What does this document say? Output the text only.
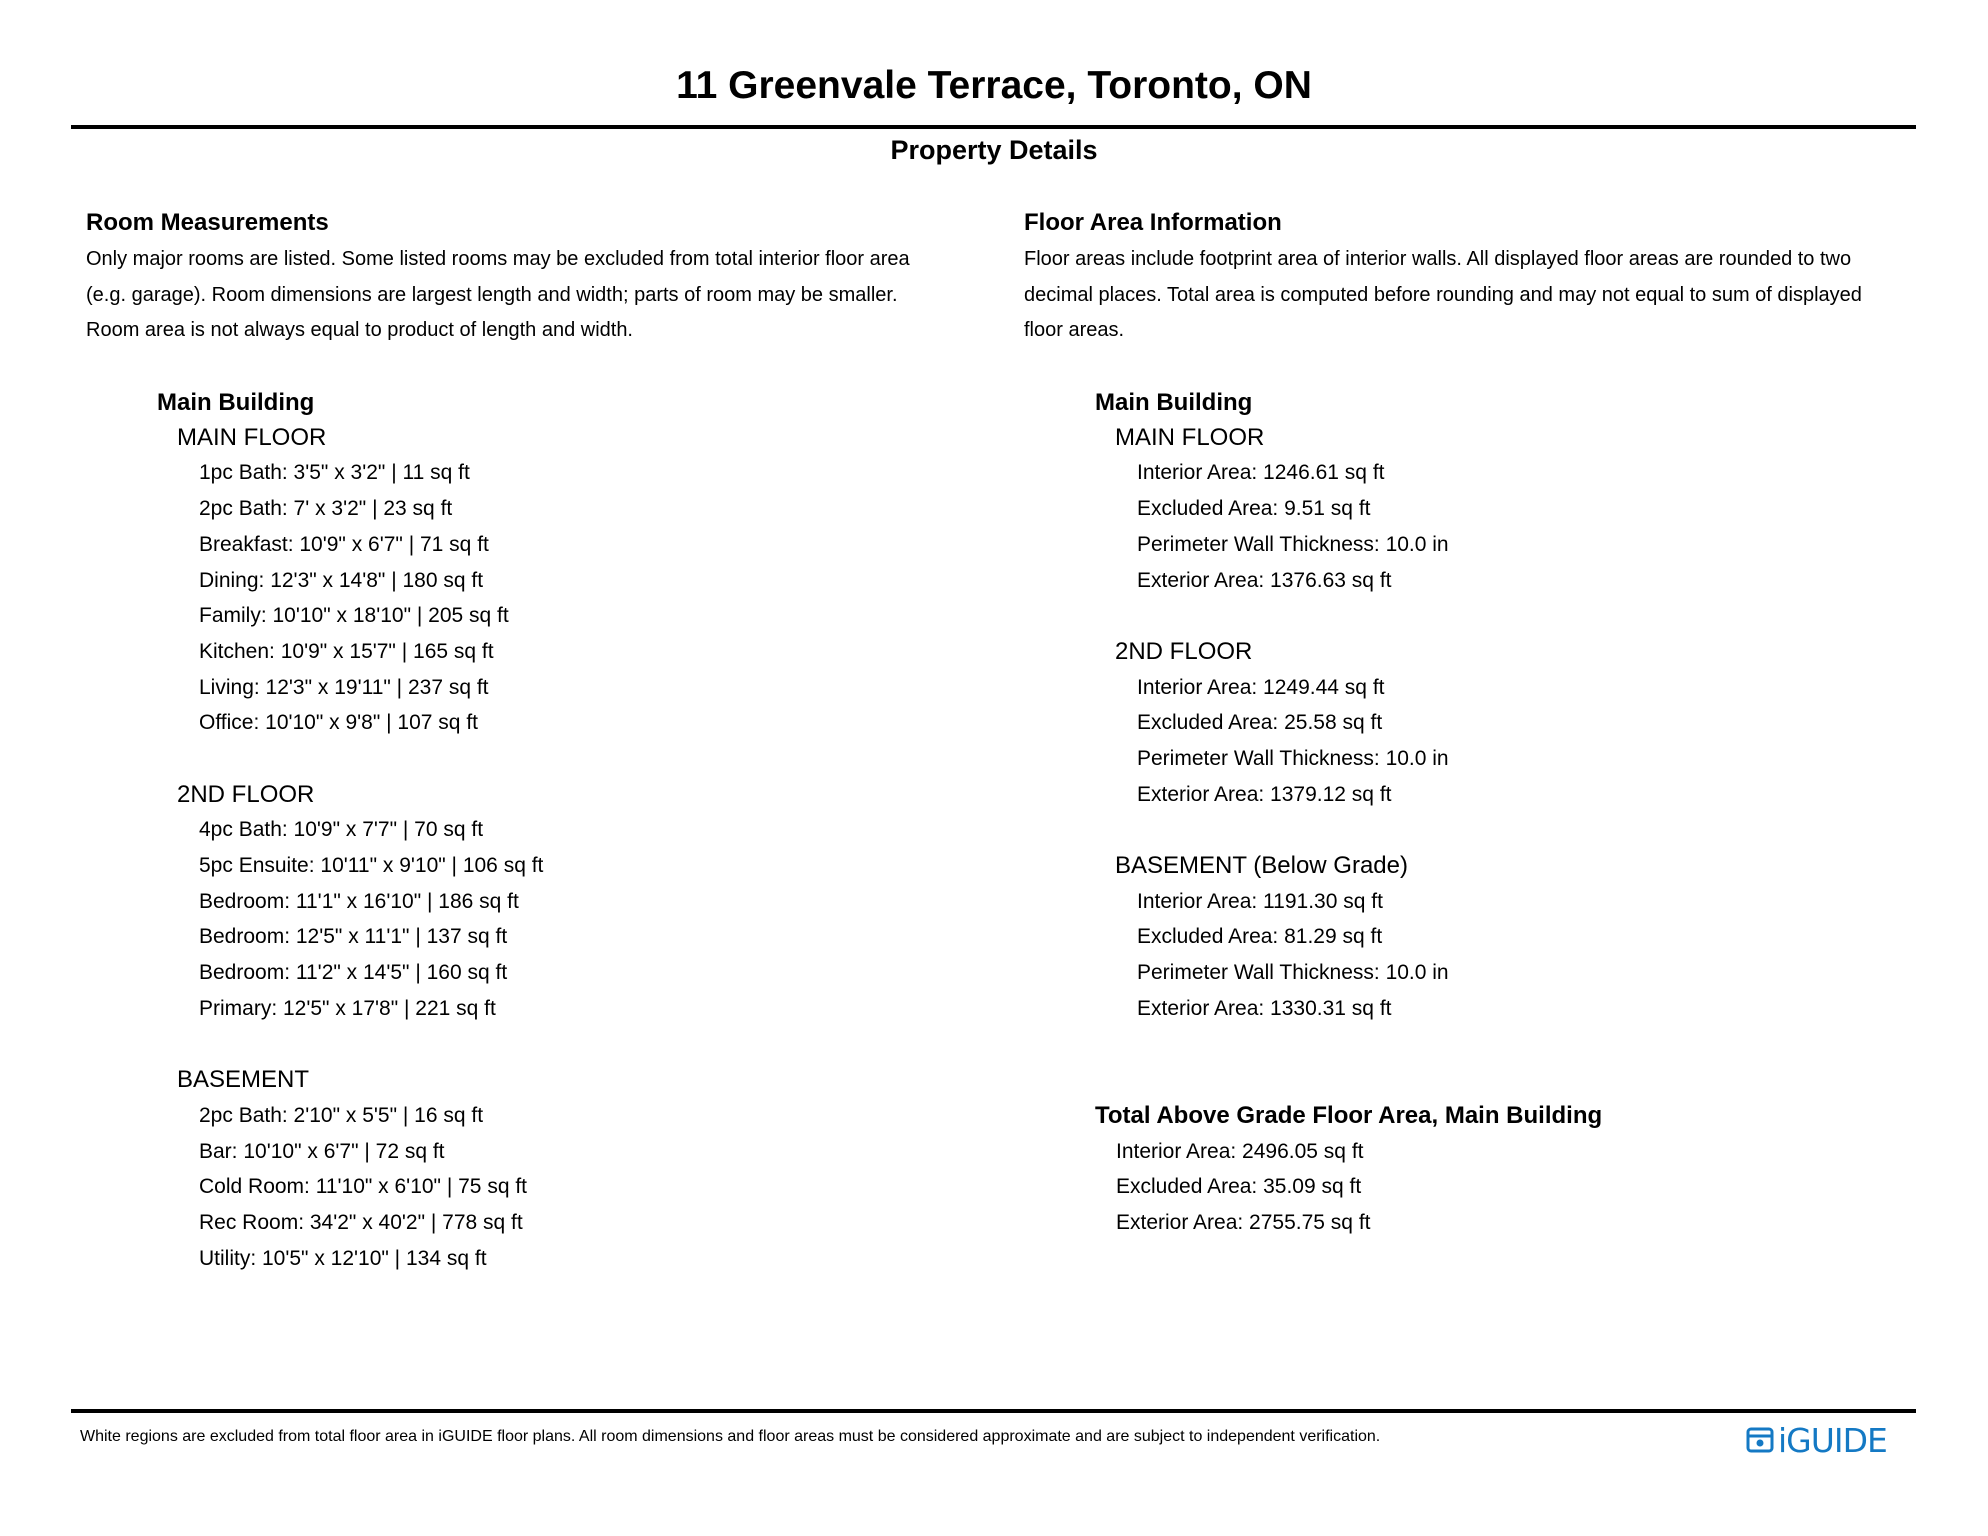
11 Greenvale Terrace, Toronto, ON
Property Details
Room Measurements
Only major rooms are listed. Some listed rooms may be excluded from total interior floor area
(e.g. garage). Room dimensions are largest length and width; parts of room may be smaller.
Room area is not always equal to product of length and width.
Main Building
MAIN FLOOR
1pc Bath: 3'5" x 3'2" | 11 sq ft
2pc Bath: 7' x 3'2" | 23 sq ft
Breakfast: 10'9" x 6'7" | 71 sq ft
Dining: 12'3" x 14'8" | 180 sq ft
Family: 10'10" x 18'10" | 205 sq ft
Kitchen: 10'9" x 15'7" | 165 sq ft
Living: 12'3" x 19'11" | 237 sq ft
Office: 10'10" x 9'8" | 107 sq ft
2ND FLOOR
4pc Bath: 10'9" x 7'7" | 70 sq ft
5pc Ensuite: 10'11" x 9'10" | 106 sq ft
Bedroom: 11'1" x 16'10" | 186 sq ft
Bedroom: 12'5" x 11'1" | 137 sq ft
Bedroom: 11'2" x 14'5" | 160 sq ft
Primary: 12'5" x 17'8" | 221 sq ft
BASEMENT
2pc Bath: 2'10" x 5'5" | 16 sq ft
Bar: 10'10" x 6'7" | 72 sq ft
Cold Room: 11'10" x 6'10" | 75 sq ft
Rec Room: 34'2" x 40'2" | 778 sq ft
Utility: 10'5" x 12'10" | 134 sq ft
Floor Area Information
Floor areas include footprint area of interior walls. All displayed floor areas are rounded to two
decimal places. Total area is computed before rounding and may not equal to sum of displayed
floor areas.
Main Building
MAIN FLOOR
Interior Area: 1246.61 sq ft
Excluded Area: 9.51 sq ft
Perimeter Wall Thickness: 10.0 in
Exterior Area: 1376.63 sq ft
2ND FLOOR
Interior Area: 1249.44 sq ft
Excluded Area: 25.58 sq ft
Perimeter Wall Thickness: 10.0 in
Exterior Area: 1379.12 sq ft
BASEMENT (Below Grade)
Interior Area: 1191.30 sq ft
Excluded Area: 81.29 sq ft
Perimeter Wall Thickness: 10.0 in
Exterior Area: 1330.31 sq ft
Total Above Grade Floor Area, Main Building
Interior Area: 2496.05 sq ft
Excluded Area: 35.09 sq ft
Exterior Area: 2755.75 sq ft
White regions are excluded from total floor area in iGUIDE floor plans. All room dimensions and floor areas must be considered approximate and are subject to independent verification.	iGUIDE
